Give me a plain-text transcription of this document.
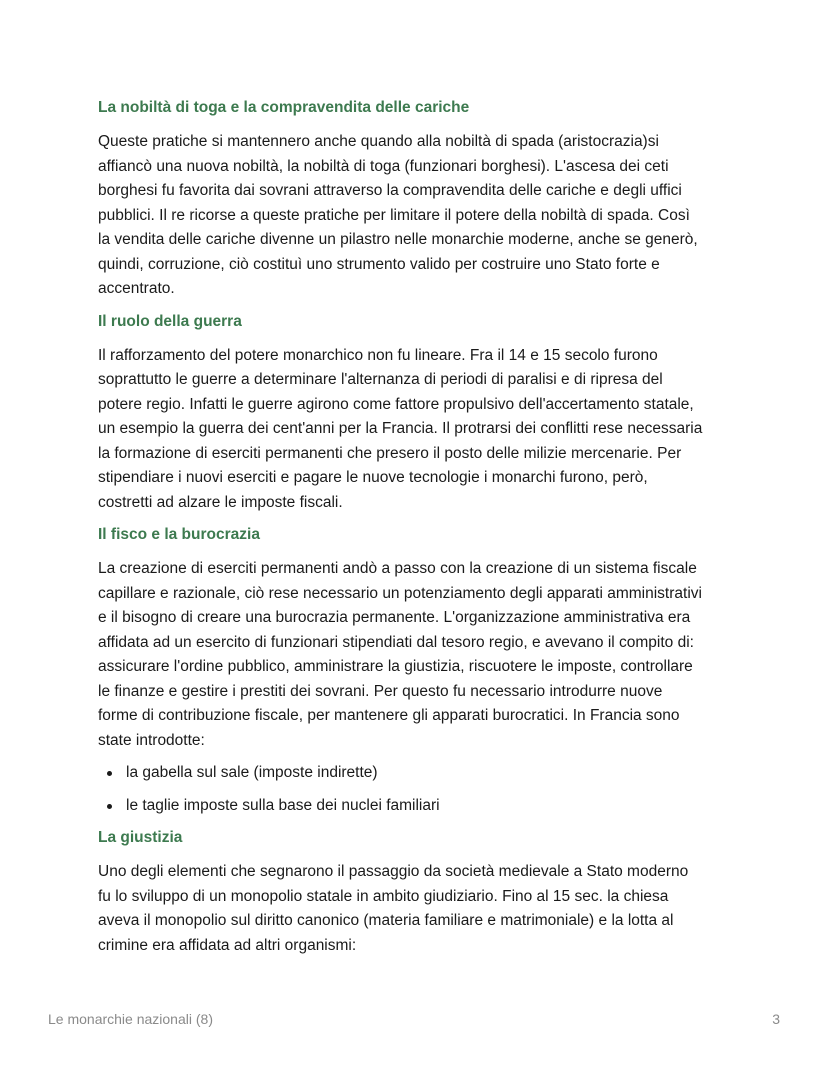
La nobiltà di toga e la compravendita delle cariche
Queste pratiche si mantennero anche quando alla nobiltà di spada (aristocrazia)si
affiancò una nuova nobiltà, la nobiltà di toga (funzionari borghesi). L'ascesa dei ceti
borghesi fu favorita dai sovrani attraverso la compravendita delle cariche e degli uffici
pubblici. Il re ricorse a queste pratiche per limitare il potere della nobiltà di spada. Così
la vendita delle cariche divenne un pilastro nelle monarchie moderne, anche se generò,
quindi, corruzione, ciò costituì uno strumento valido per costruire uno Stato forte e
accentrato.
Il ruolo della guerra
Il rafforzamento del potere monarchico non fu lineare. Fra il 14 e 15 secolo furono
soprattutto le guerre a determinare l'alternanza di periodi di paralisi e di ripresa del
potere regio. Infatti le guerre agirono come fattore propulsivo dell'accertamento statale,
un esempio la guerra dei cent'anni per la Francia. Il protrarsi dei conflitti rese necessaria
la formazione di eserciti permanenti che presero il posto delle milizie mercenarie. Per
stipendiare i nuovi eserciti e pagare le nuove tecnologie i monarchi furono, però,
costretti ad alzare le imposte fiscali.
Il fisco e la burocrazia
La creazione di eserciti permanenti andò a passo con la creazione di un sistema fiscale
capillare e razionale, ciò rese necessario un potenziamento degli apparati amministrativi
e il bisogno di creare una burocrazia permanente. L'organizzazione amministrativa era
affidata ad un esercito di funzionari stipendiati dal tesoro regio, e avevano il compito di:
assicurare l'ordine pubblico, amministrare la giustizia, riscuotere le imposte, controllare
le finanze e gestire i prestiti dei sovrani. Per questo fu necessario introdurre nuove
forme di contribuzione fiscale, per mantenere gli apparati burocratici. In Francia sono
state introdotte:
la gabella sul sale (imposte indirette)
le taglie imposte sulla base dei nuclei familiari
La giustizia
Uno degli elementi che segnarono il passaggio da società medievale a Stato moderno
fu lo sviluppo di un monopolio statale in ambito giudiziario. Fino al 15 sec. la chiesa
aveva il monopolio sul diritto canonico (materia familiare e matrimoniale) e la lotta al
crimine era affidata ad altri organismi:
Le monarchie nazionali (8)	3
